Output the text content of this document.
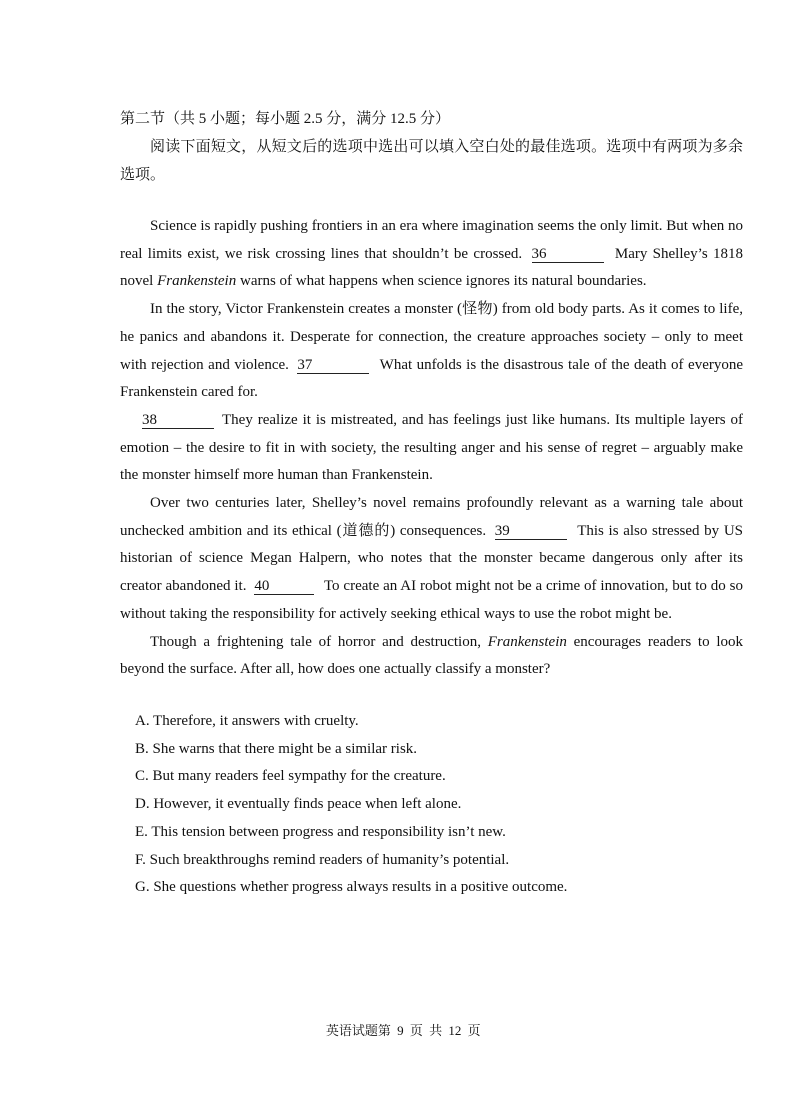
第二节（共 5 小题；每小题 2.5 分，满分 12.5 分）
阅读下面短文，从短文后的选项中选出可以填入空白处的最佳选项。选项中有两项为多余选项。

Science is rapidly pushing frontiers in an era where imagination seems the only limit. But when no real limits exist, we risk crossing lines that shouldn’t be crossed. 36	Mary Shelley’s 1818 novel Frankenstein warns of what happens when science ignores its natural boundaries.

In the story, Victor Frankenstein creates a monster (怪物) from old body parts. As it comes to life, he panics and abandons it. Desperate for connection, the creature approaches society – only to meet with rejection and violence. 37	What unfolds is the disastrous tale of the death of everyone Frankenstein cared for.

38	They realize it is mistreated, and has feelings just like humans. Its multiple layers of emotion – the desire to fit in with society, the resulting anger and his sense of regret – arguably make the monster himself more human than Frankenstein.

Over two centuries later, Shelley’s novel remains profoundly relevant as a warning tale about unchecked ambition and its ethical (道德的) consequences. 39	This is also stressed by US historian of science Megan Halpern, who notes that the monster became dangerous only after its creator abandoned it. 40	To create an AI robot might not be a crime of innovation, but to do so without taking the responsibility for actively seeking ethical ways to use the robot might be.

Though a frightening tale of horror and destruction, Frankenstein encourages readers to look beyond the surface. After all, how does one actually classify a monster?

A. Therefore, it answers with cruelty.
B. She warns that there might be a similar risk.
C. But many readers feel sympathy for the creature.
D. However, it eventually finds peace when left alone.
E. This tension between progress and responsibility isn’t new.
F. Such breakthroughs remind readers of humanity’s potential.
G. She questions whether progress always results in a positive outcome.

英语试题第 9 页 共 12 页
